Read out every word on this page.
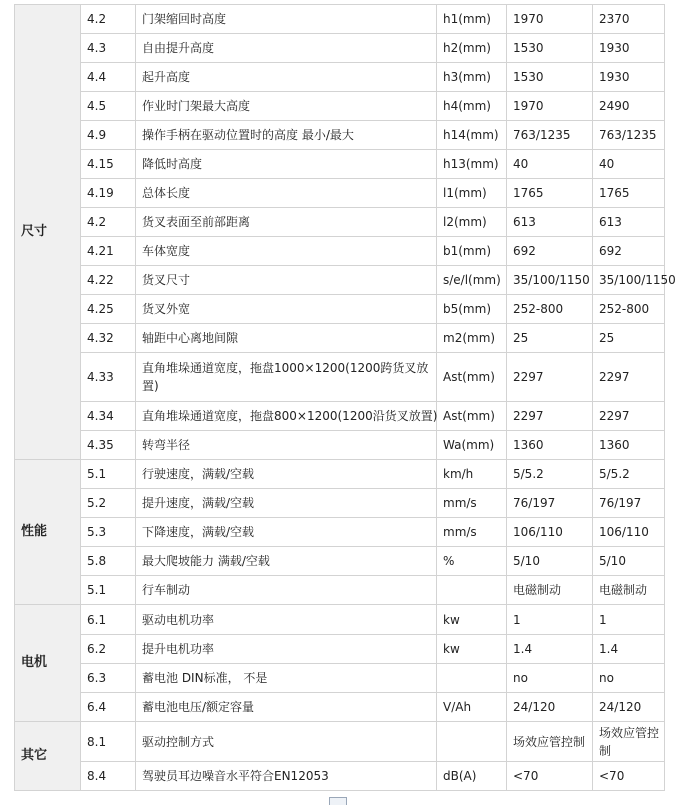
尺寸	4.2	门架缩回时高度	h1(mm)	1970	2370
	4.3	自由提升高度	h2(mm)	1530	1930
	4.4	起升高度	h3(mm)	1530	1930
	4.5	作业时门架最大高度	h4(mm)	1970	2490
	4.9	操作手柄在驱动位置时的高度 最小/最大	h14(mm)	763/1235	763/1235
	4.15	降低时高度	h13(mm)	40	40
	4.19	总体长度	l1(mm)	1765	1765
	4.2	货叉表面至前部距离	l2(mm)	613	613
	4.21	车体宽度	b1(mm)	692	692
	4.22	货叉尺寸	s/e/l(mm)	35/100/1150	35/100/1150
	4.25	货叉外宽	b5(mm)	252-800	252-800
	4.32	轴距中心离地间隙	m2(mm)	25	25
	4.33	直角堆垛通道宽度，拖盘1000×1200(1200跨货叉放置)	Ast(mm)	2297	2297
	4.34	直角堆垛通道宽度，拖盘800×1200(1200沿货叉放置)	Ast(mm)	2297	2297
	4.35	转弯半径	Wa(mm)	1360	1360
性能	5.1	行驶速度，满载/空载	km/h	5/5.2	5/5.2
	5.2	提升速度，满载/空载	mm/s	76/197	76/197
	5.3	下降速度，满载/空载	mm/s	106/110	106/110
	5.8	最大爬坡能力 满载/空载	%	5/10	5/10
	5.1	行车制动		电磁制动	电磁制动
电机	6.1	驱动电机功率	kw	1	1
	6.2	提升电机功率	kw	1.4	1.4
	6.3	蓄电池 DIN标准， 不是		no	no
	6.4	蓄电池电压/额定容量	V/Ah	24/120	24/120
其它	8.1	驱动控制方式		场效应管控制	场效应管控制
	8.4	驾驶员耳边噪音水平符合EN12053	dB(A)	<70	<70
